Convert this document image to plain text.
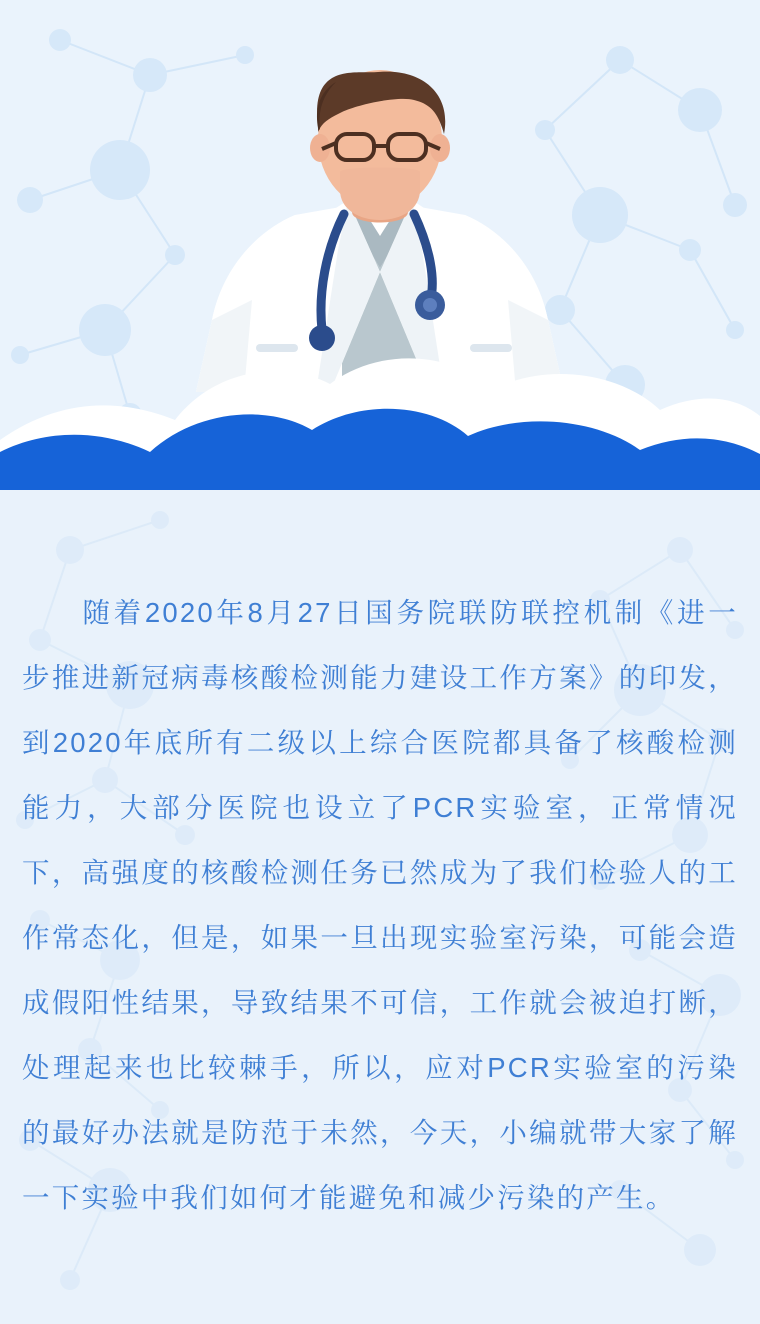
随着2020年8月27日国务院联防联控机制《进一步推进新冠病毒核酸检测能力建设工作方案》的印发，到2020年底所有二级以上综合医院都具备了核酸检测能力，大部分医院也设立了PCR实验室，正常情况下，高强度的核酸检测任务已然成为了我们检验人的工作常态化，但是，如果一旦出现实验室污染，可能会造成假阳性结果，导致结果不可信，工作就会被迫打断，处理起来也比较棘手，所以，应对PCR实验室的污染的最好办法就是防范于未然，今天，小编就带大家了解一下实验中我们如何才能避免和减少污染的产生。
